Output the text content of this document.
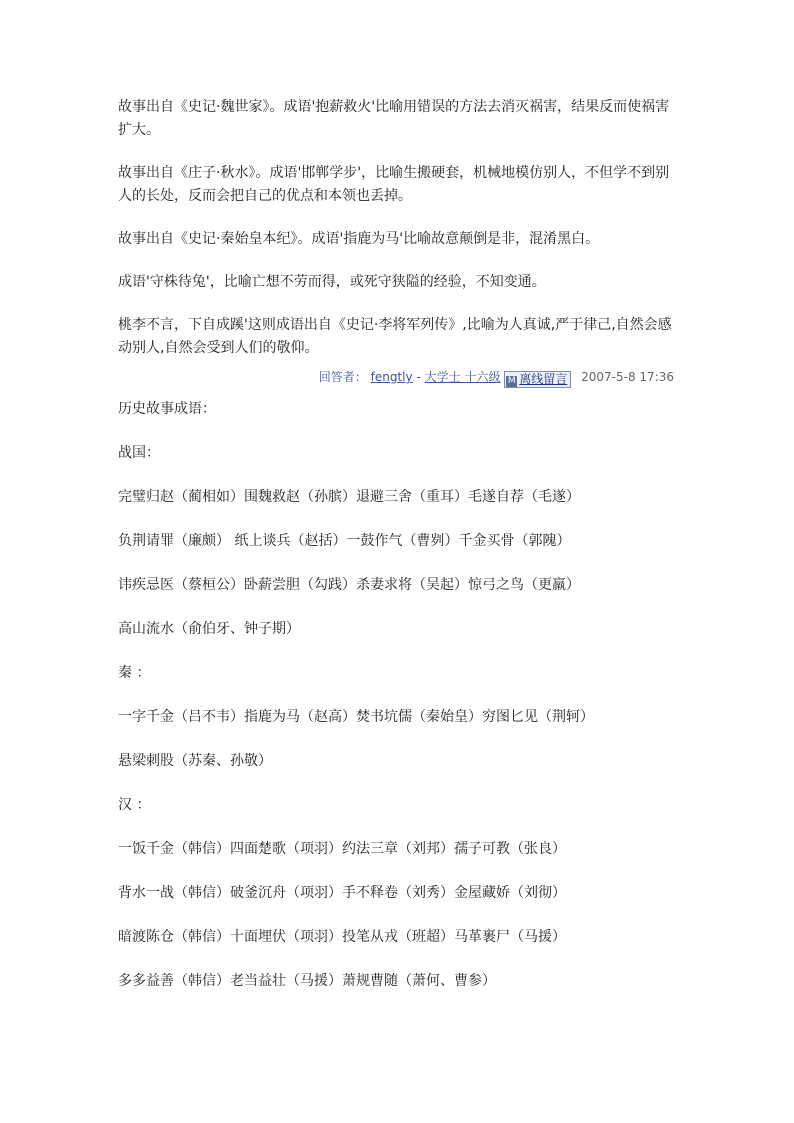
故事出自《史记·魏世家》。成语'抱薪救火'比喻用错误的方法去消灭祸害，结果反而使祸害扩大。

故事出自《庄子·秋水》。成语'邯郸学步'，比喻生搬硬套，机械地模仿别人，不但学不到别人的长处，反而会把自己的优点和本领也丢掉。

故事出自《史记·秦始皇本纪》。成语'指鹿为马'比喻故意颠倒是非，混淆黑白。

成语'守株待兔'，比喻亡想不劳而得，或死守狭隘的经验，不知变通。

桃李不言，下自成蹊'这则成语出自《史记·李将军列传》,比喻为人真诚,严于律己,自然会感动别人,自然会受到人们的敬仰。

回答者： fengtly - 大学士 十六级 M 离线留言 2007-5-8 17:36

历史故事成语：

战国：

完璧归赵（蔺相如）围魏救赵（孙膑）退避三舍（重耳）毛遂自荐（毛遂）

负荆请罪（廉颇） 纸上谈兵（赵括）一鼓作气（曹刿）千金买骨（郭隗）

讳疾忌医（蔡桓公）卧薪尝胆（勾践）杀妻求将（吴起）惊弓之鸟（更羸）

高山流水（俞伯牙、钟子期）

秦 ：

一字千金（吕不韦）指鹿为马（赵高）焚书坑儒（秦始皇）穷图匕见（荆轲）

悬梁刺股（苏秦、孙敬）

汉 ：

一饭千金（韩信）四面楚歌（项羽）约法三章（刘邦）孺子可教（张良）

背水一战（韩信）破釜沉舟（项羽）手不释卷（刘秀）金屋藏娇（刘彻）

暗渡陈仓（韩信）十面埋伏（项羽）投笔从戎（班超）马革裹尸（马援）

多多益善（韩信）老当益壮（马援）萧规曹随（萧何、曹参）
